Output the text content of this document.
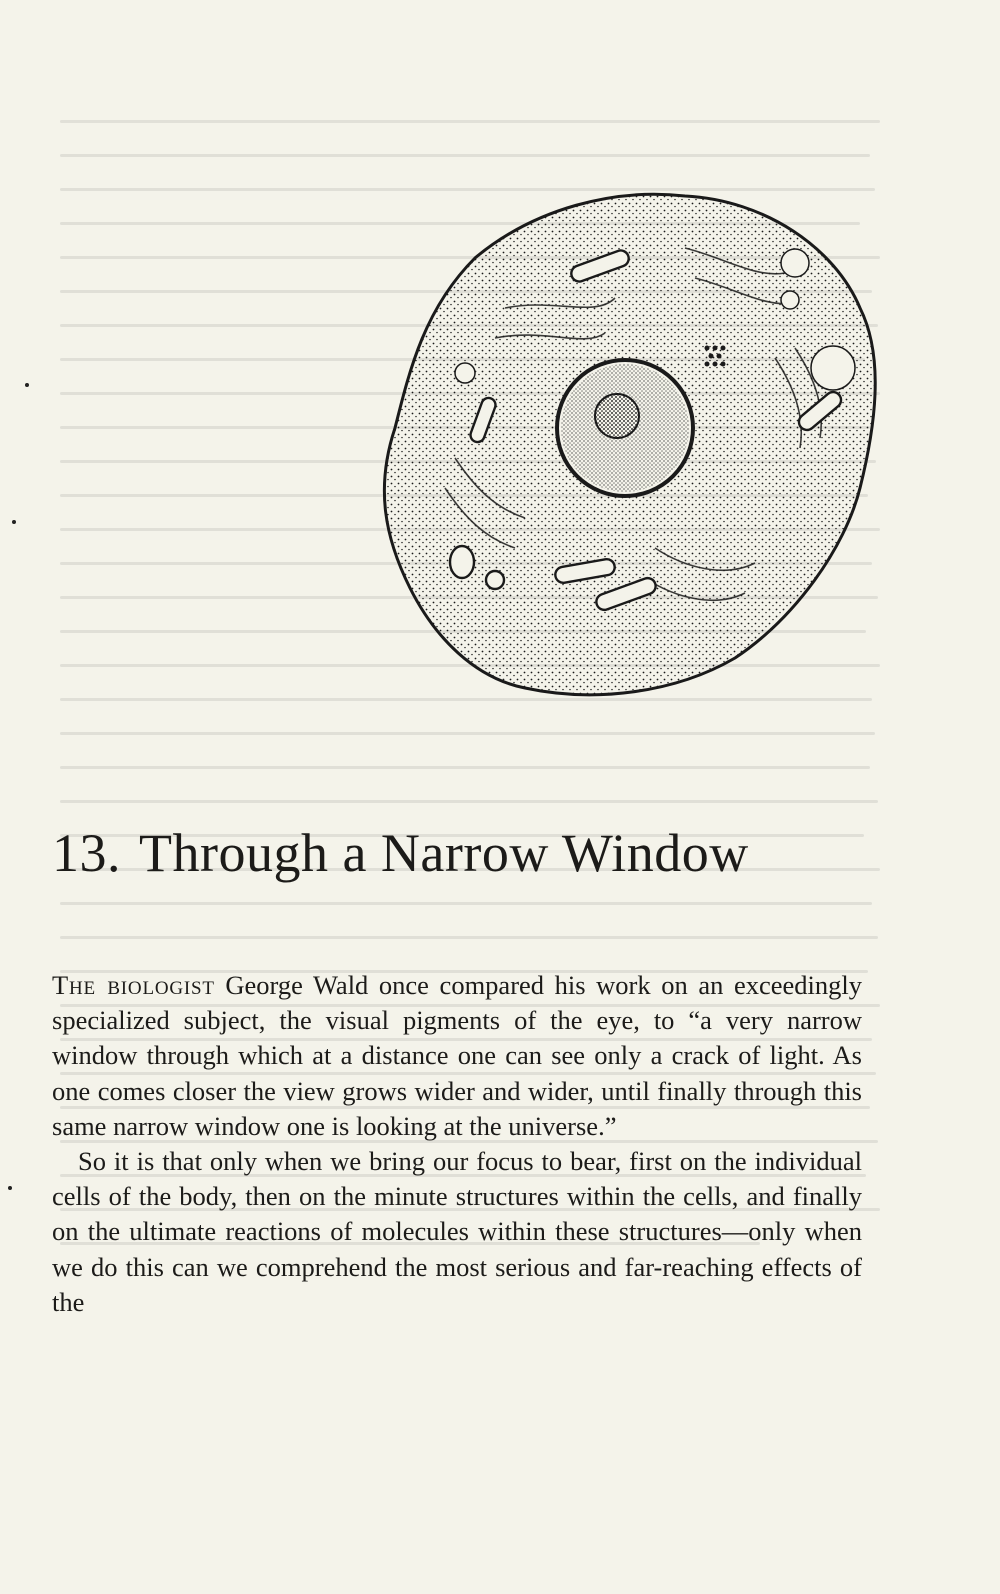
13. Through a Narrow Window

The biologist George Wald once compared his work on an exceedingly specialized subject, the visual pigments of the eye, to “a very narrow window through which at a distance one can see only a crack of light. As one comes closer the view grows wider and wider, until finally through this same narrow window one is looking at the universe.”

So it is that only when we bring our focus to bear, first on the individual cells of the body, then on the minute structures within the cells, and finally on the ultimate reactions of molecules within these structures—only when we do this can we comprehend the most serious and far-reaching effects of the
